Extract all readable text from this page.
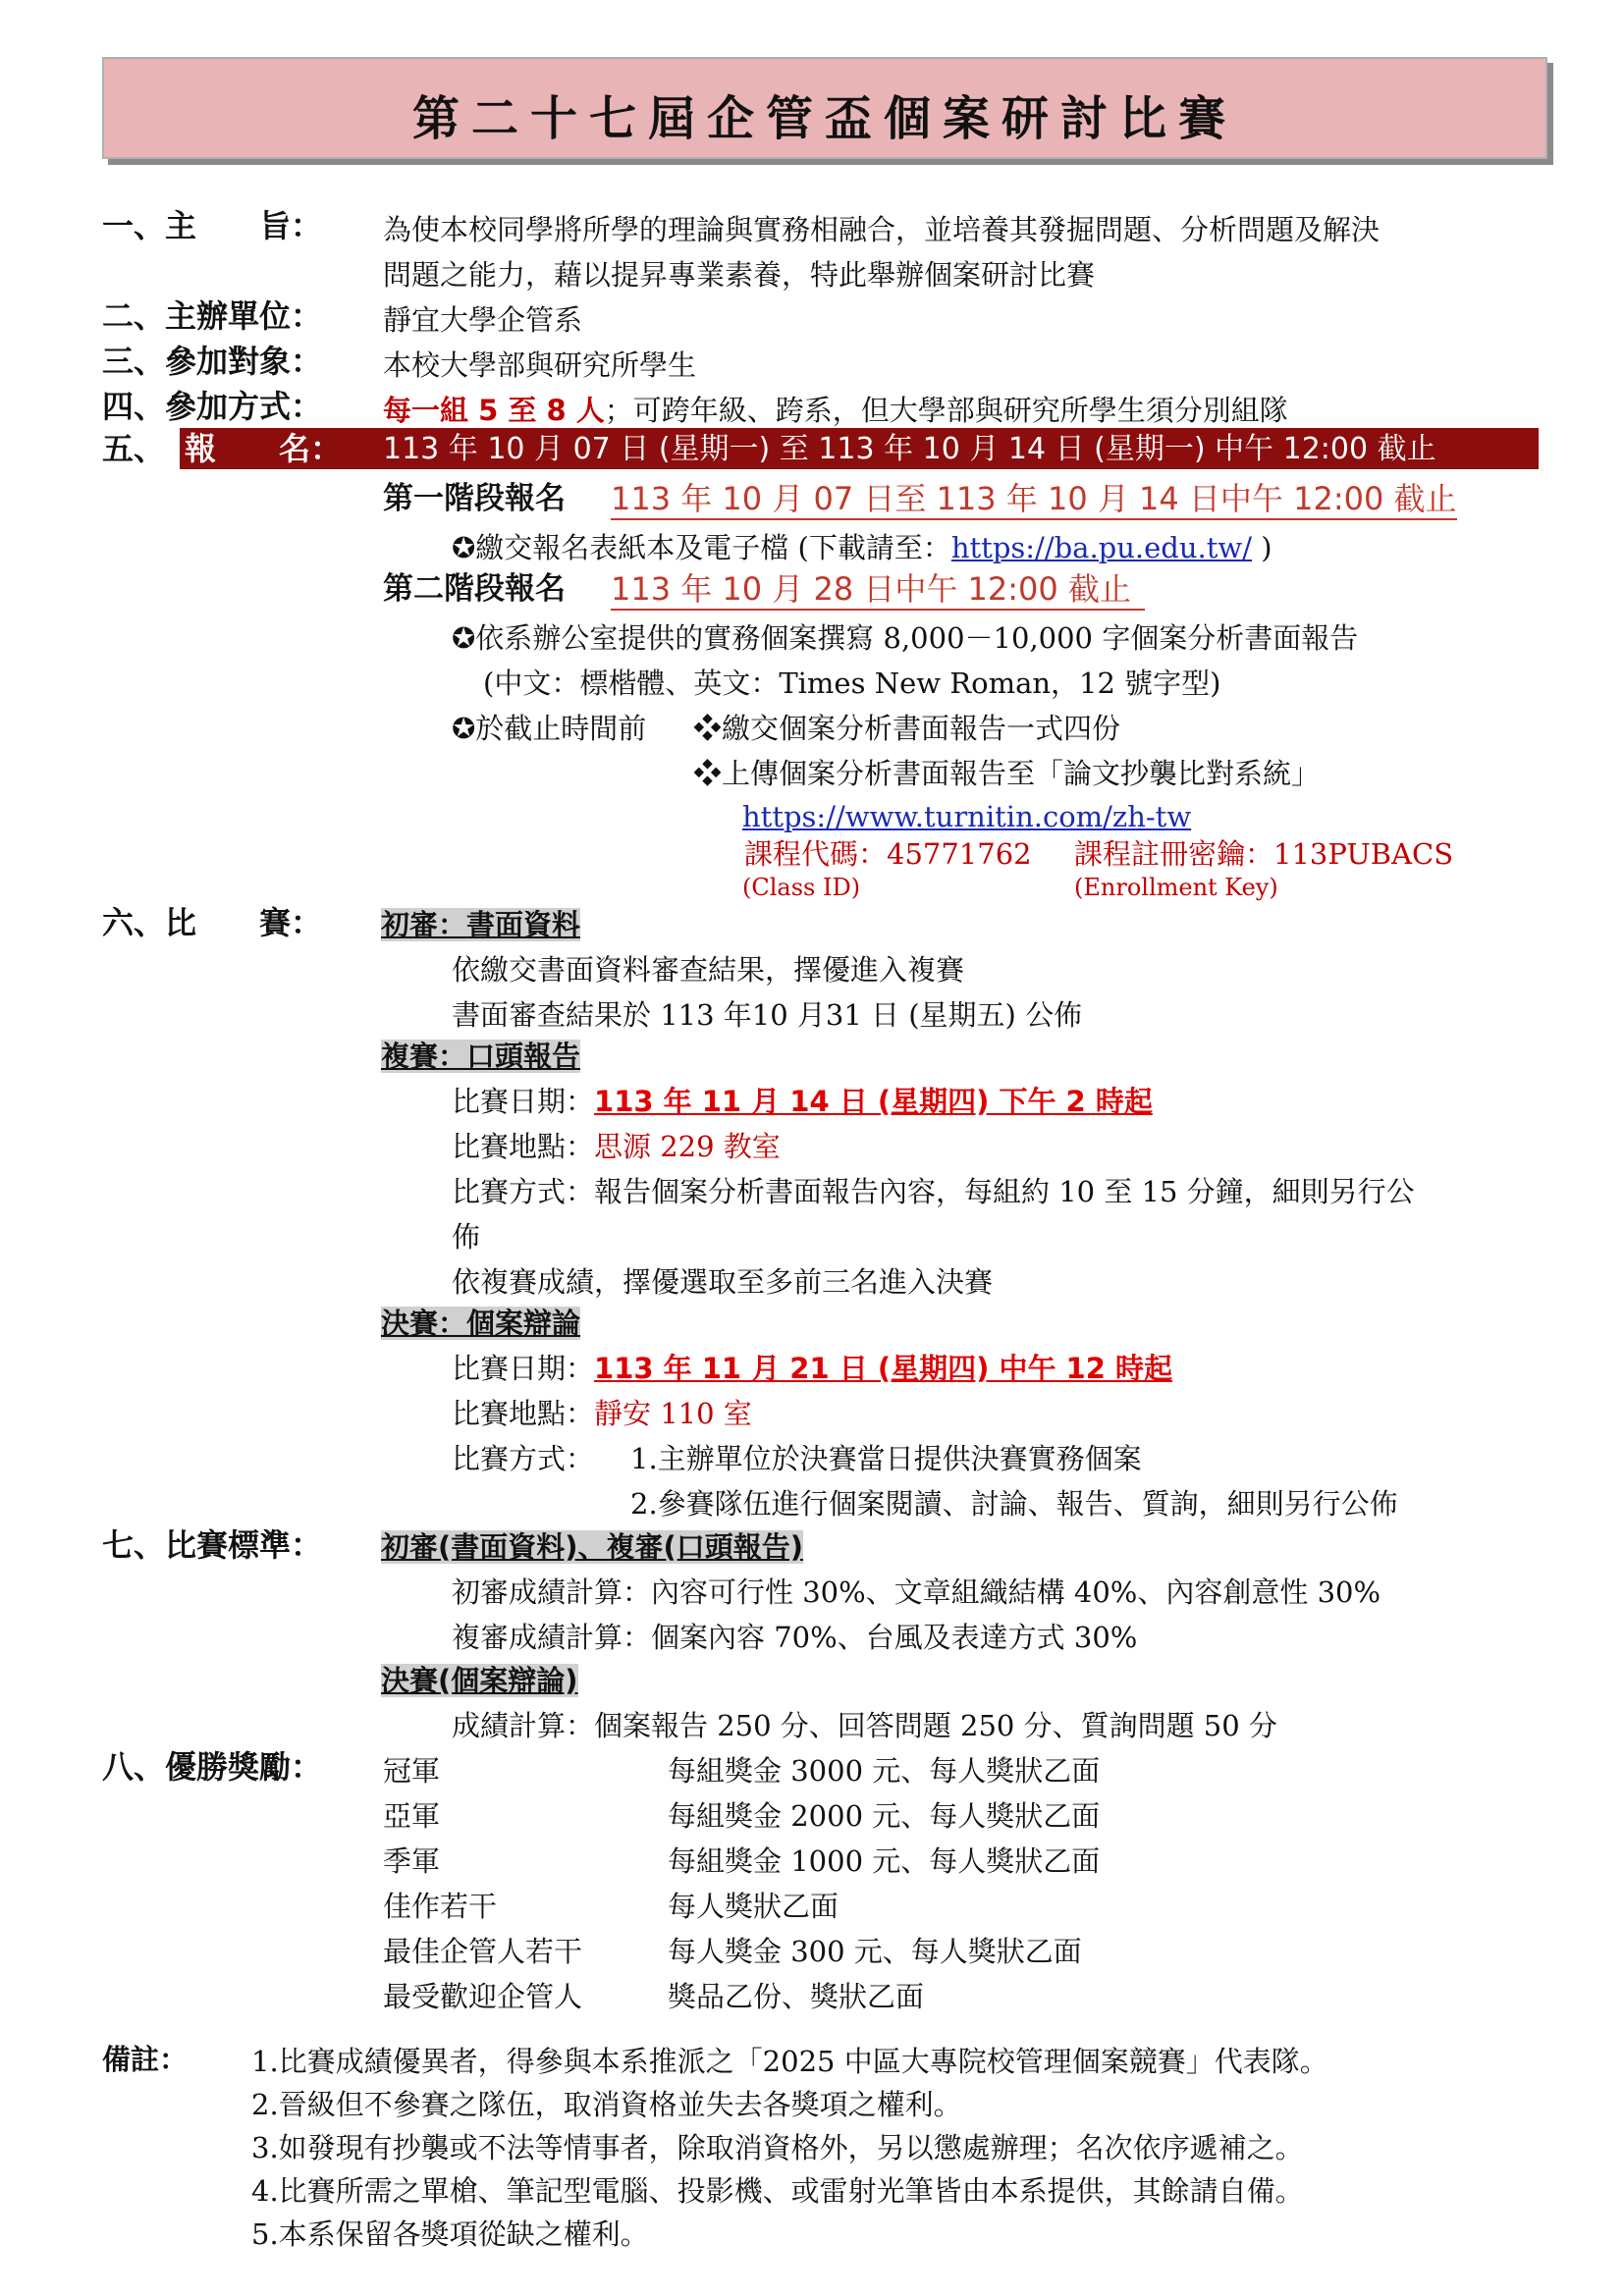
第二十七屆企管盃個案研討比賽
一、主　　旨： 為使本校同學將所學的理論與實務相融合，並培養其發掘問題、分析問題及解決
問題之能力，藉以提昇專業素養，特此舉辦個案研討比賽
二、主辦單位： 靜宜大學企管系
三、參加對象： 本校大學部與研究所學生
四、參加方式： 每一組 5 至 8 人；可跨年級、跨系，但大學部與研究所學生須分別組隊
五、 報　　名： 113 年 10 月 07 日 (星期一) 至 113 年 10 月 14 日 (星期一) 中午 12:00 截止
第一階段報名 113 年 10 月 07 日至 113 年 10 月 14 日中午 12:00 截止
✪繳交報名表紙本及電子檔 (下載請至：https://ba.pu.edu.tw/ )
第二階段報名 113 年 10 月 28 日中午 12:00 截止
✪依系辦公室提供的實務個案撰寫 8,000－10,000 字個案分析書面報告
(中文：標楷體、英文：Times New Roman，12 號字型)
✪於截止時間前 ❖繳交個案分析書面報告一式四份
❖上傳個案分析書面報告至「論文抄襲比對系統」
https://www.turnitin.com/zh-tw
課程代碼：45771762 課程註冊密鑰：113PUBACS
(Class ID)	(Enrollment Key)
六、比　　賽： 初審：書面資料
依繳交書面資料審查結果，擇優進入複賽
書面審查結果於 113 年10 月31 日 (星期五) 公佈
複賽：口頭報告
比賽日期：113 年 11 月 14 日 (星期四) 下午 2 時起
比賽地點：思源 229 教室
比賽方式：報告個案分析書面報告內容，每組約 10 至 15 分鐘，細則另行公
佈
依複賽成績，擇優選取至多前三名進入決賽
決賽：個案辯論
比賽日期：113 年 11 月 21 日 (星期四) 中午 12 時起
比賽地點：靜安 110 室
比賽方式： 1.主辦單位於決賽當日提供決賽實務個案
2.參賽隊伍進行個案閱讀、討論、報告、質詢，細則另行公佈
七、比賽標準： 初審(書面資料)、複審(口頭報告)
初審成績計算：內容可行性 30%、文章組織結構 40%、內容創意性 30%
複審成績計算：個案內容 70%、台風及表達方式 30%
決賽(個案辯論)
成績計算：個案報告 250 分、回答問題 250 分、質詢問題 50 分
八、優勝獎勵： 冠軍	每組獎金 3000 元、每人獎狀乙面
亞軍	每組獎金 2000 元、每人獎狀乙面
季軍	每組獎金 1000 元、每人獎狀乙面
佳作若干	每人獎狀乙面
最佳企管人若干	每人獎金 300 元、每人獎狀乙面
最受歡迎企管人	獎品乙份、獎狀乙面
備註： 1.比賽成績優異者，得參與本系推派之「2025 中區大專院校管理個案競賽」代表隊。
2.晉級但不參賽之隊伍，取消資格並失去各獎項之權利。
3.如發現有抄襲或不法等情事者，除取消資格外，另以懲處辦理；名次依序遞補之。
4.比賽所需之單槍、筆記型電腦、投影機、或雷射光筆皆由本系提供，其餘請自備。
5.本系保留各獎項從缺之權利。
